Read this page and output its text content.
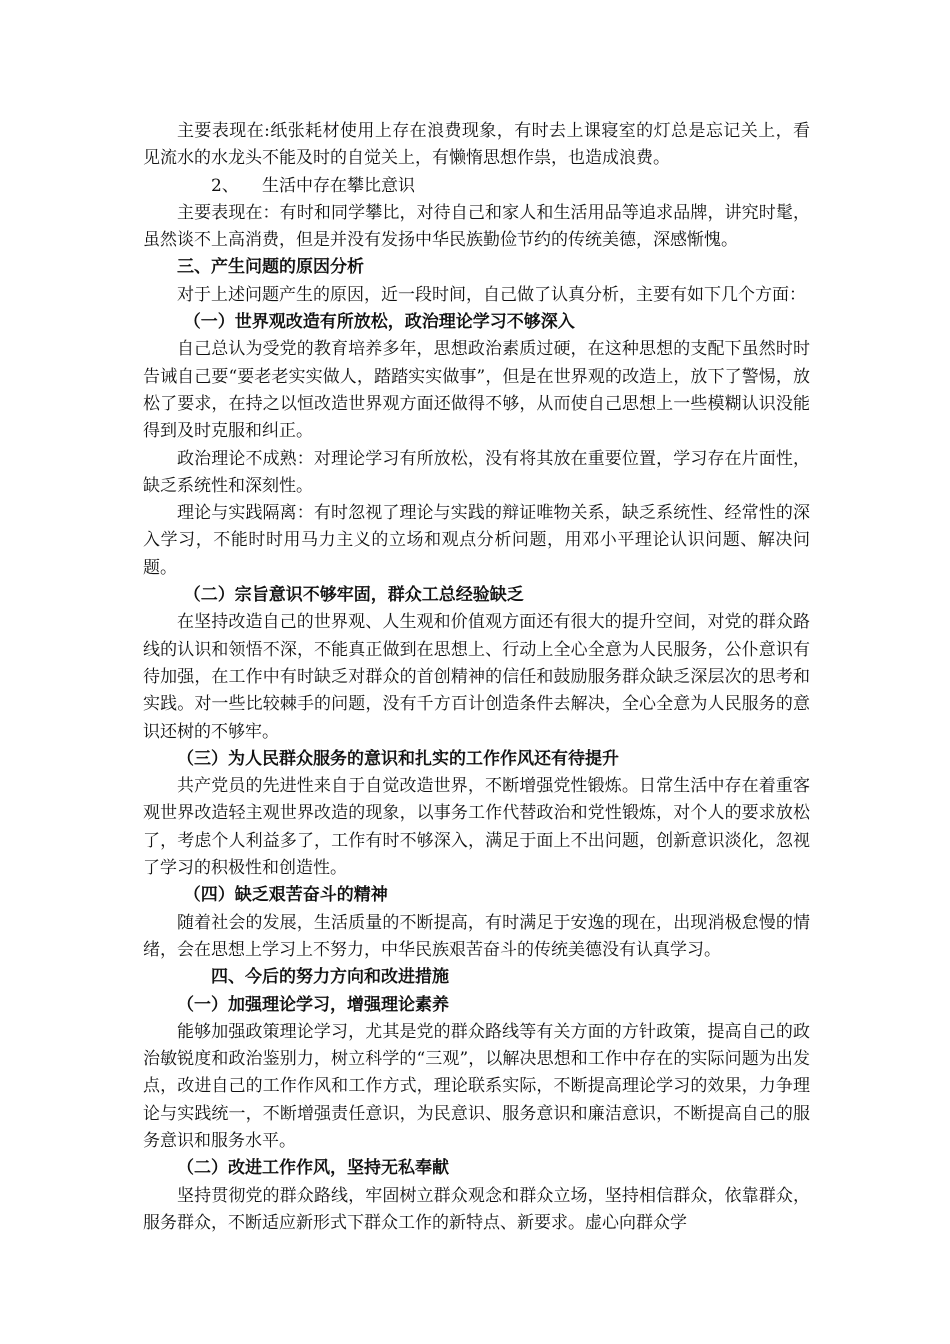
主要表现在:纸张耗材使用上存在浪费现象，有时去上课寝室的灯总是忘记关上，看见流水的水龙头不能及时的自觉关上，有懒惰思想作祟，也造成浪费。

2、 生活中存在攀比意识

主要表现在：有时和同学攀比，对待自己和家人和生活用品等追求品牌，讲究时髦，虽然谈不上高消费，但是并没有发扬中华民族勤俭节约的传统美德，深感惭愧。

三、产生问题的原因分析

对于上述问题产生的原因，近一段时间，自己做了认真分析，主要有如下几个方面：

（一）世界观改造有所放松，政治理论学习不够深入

自己总认为受党的教育培养多年，思想政治素质过硬，在这种思想的支配下虽然时时告诫自己要“要老老实实做人，踏踏实实做事”，但是在世界观的改造上，放下了警惕，放松了要求，在持之以恒改造世界观方面还做得不够，从而使自己思想上一些模糊认识没能得到及时克服和纠正。

政治理论不成熟：对理论学习有所放松，没有将其放在重要位置，学习存在片面性，缺乏系统性和深刻性。

理论与实践隔离：有时忽视了理论与实践的辩证唯物关系，缺乏系统性、经常性的深入学习，不能时时用马力主义的立场和观点分析问题，用邓小平理论认识问题、解决问题。

（二）宗旨意识不够牢固，群众工总经验缺乏

在坚持改造自己的世界观、人生观和价值观方面还有很大的提升空间，对党的群众路线的认识和领悟不深，不能真正做到在思想上、行动上全心全意为人民服务，公仆意识有待加强，在工作中有时缺乏对群众的首创精神的信任和鼓励服务群众缺乏深层次的思考和实践。对一些比较棘手的问题，没有千方百计创造条件去解决，全心全意为人民服务的意识还树的不够牢。

（三）为人民群众服务的意识和扎实的工作作风还有待提升

共产党员的先进性来自于自觉改造世界，不断增强党性锻炼。日常生活中存在着重客观世界改造轻主观世界改造的现象，以事务工作代替政治和党性锻炼，对个人的要求放松了，考虑个人利益多了，工作有时不够深入，满足于面上不出问题，创新意识淡化，忽视了学习的积极性和创造性。

（四）缺乏艰苦奋斗的精神

随着社会的发展，生活质量的不断提高，有时满足于安逸的现在，出现消极怠慢的情绪，会在思想上学习上不努力，中华民族艰苦奋斗的传统美德没有认真学习。

四、今后的努力方向和改进措施

（一）加强理论学习，增强理论素养

能够加强政策理论学习，尤其是党的群众路线等有关方面的方针政策，提高自己的政治敏锐度和政治鉴别力，树立科学的“三观”，以解决思想和工作中存在的实际问题为出发点，改进自己的工作作风和工作方式，理论联系实际，不断提高理论学习的效果，力争理论与实践统一，不断增强责任意识，为民意识、服务意识和廉洁意识，不断提高自己的服务意识和服务水平。

（二）改进工作作风，坚持无私奉献

坚持贯彻党的群众路线，牢固树立群众观念和群众立场，坚持相信群众，依靠群众，服务群众，不断适应新形式下群众工作的新特点、新要求。虚心向群众学
